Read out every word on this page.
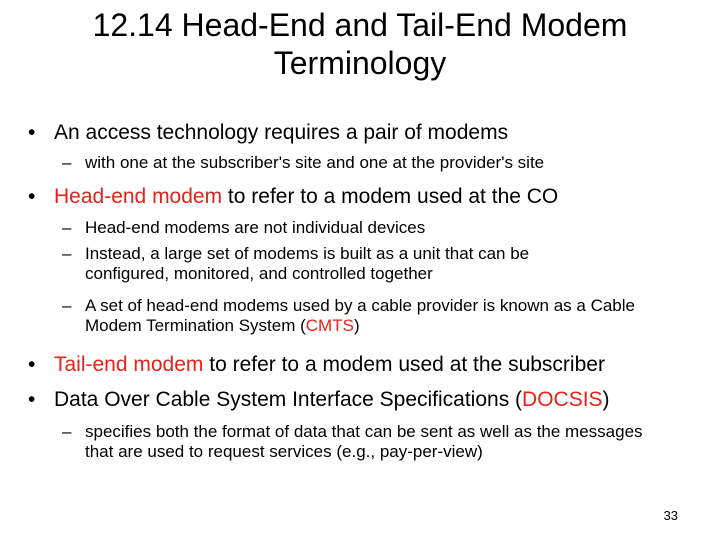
12.14 Head-End and Tail-End Modem
Terminology
• An access technology requires a pair of modems
– with one at the subscriber's site and one at the provider's site
• Head-end modem to refer to a modem used at the CO
– Head-end modems are not individual devices
– Instead, a large set of modems is built as a unit that can be configured, monitored, and controlled together
– A set of head-end modems used by a cable provider is known as a Cable Modem Termination System (CMTS)
• Tail-end modem to refer to a modem used at the subscriber
• Data Over Cable System Interface Specifications (DOCSIS)
– specifies both the format of data that can be sent as well as the messages that are used to request services (e.g., pay-per-view)
33
